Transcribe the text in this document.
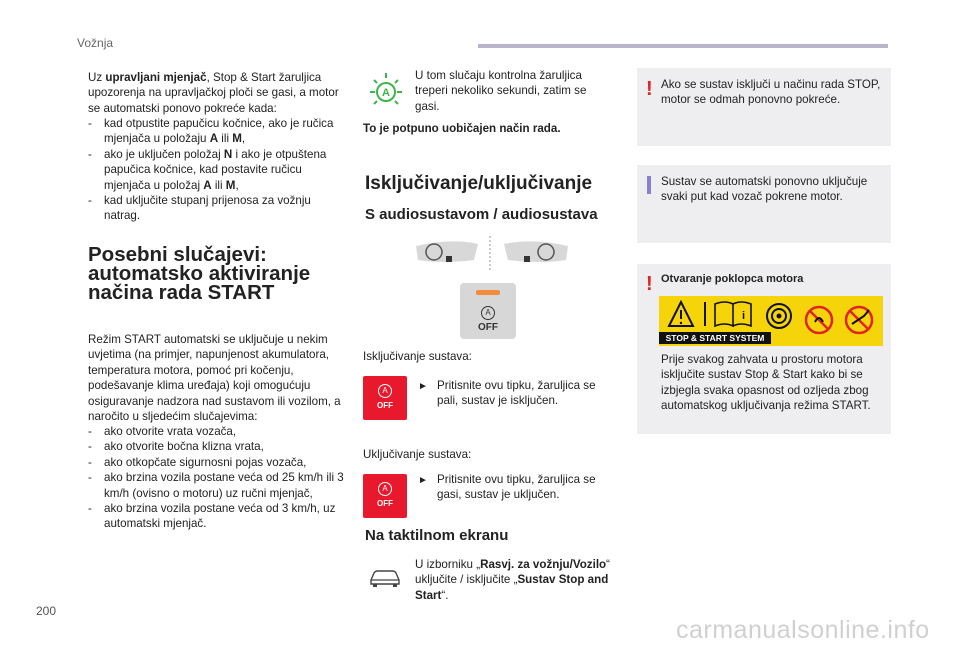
Vožnja
Uz upravljani mjenjač, Stop & Start žaruljica upozorenja na upravljačkoj ploči se gasi, a motor se automatski ponovo pokreće kada:
- kad otpustite papučicu kočnice, ako je ručica mjenjača u položaju A ili M,
- ako je uključen položaj N i ako je otpuštena papučica kočnice, kad postavite ručicu mjenjača u položaj A ili M,
- kad uključite stupanj prijenosa za vožnju natrag.
Posebni slučajevi:
automatsko aktiviranje
načina rada START
Režim START automatski se uključuje u nekim uvjetima (na primjer, napunjenost akumulatora, temperatura motora, pomoć pri kočenju, podešavanje klima uređaja) koji omogućuju osiguravanje nadzora nad sustavom ili vozilom, a naročito u sljedećim slučajevima:
- ako otvorite vrata vozača,
- ako otvorite bočna klizna vrata,
- ako otkopčate sigurnosni pojas vozača,
- ako brzina vozila postane veća od 25 km/h ili 3 km/h (ovisno o motoru) uz ručni mjenjač,
- ako brzina vozila postane veća od 3 km/h, uz automatski mjenjač.
A
U tom slučaju kontrolna žaruljica treperi nekoliko sekundi, zatim se gasi.
To je potpuno uobičajen način rada.
Isključivanje/uključivanje
S audiosustavom / audiosustava
A
OFF
Isključivanje sustava:
A
OFF
► Pritisnite ovu tipku, žaruljica se pali, sustav je isključen.
Uključivanje sustava:
A
OFF
► Pritisnite ovu tipku, žaruljica se gasi, sustav je uključen.
Na taktilnom ekranu
U izborniku „Rasvj. za vožnju/Vozilo“ uključite / isključite „Sustav Stop and Start“.
! Ako se sustav isključi u načinu rada STOP, motor se odmah ponovno pokreće.
Sustav se automatski ponovno uključuje svaki put kad vozač pokrene motor.
! Otvaranje poklopca motora
i
STOP & START SYSTEM
Prije svakog zahvata u prostoru motora isključite sustav Stop & Start kako bi se izbjegla svaka opasnost od ozljeda zbog automatskog uključivanja režima START.
200
carmanualsonline.info
